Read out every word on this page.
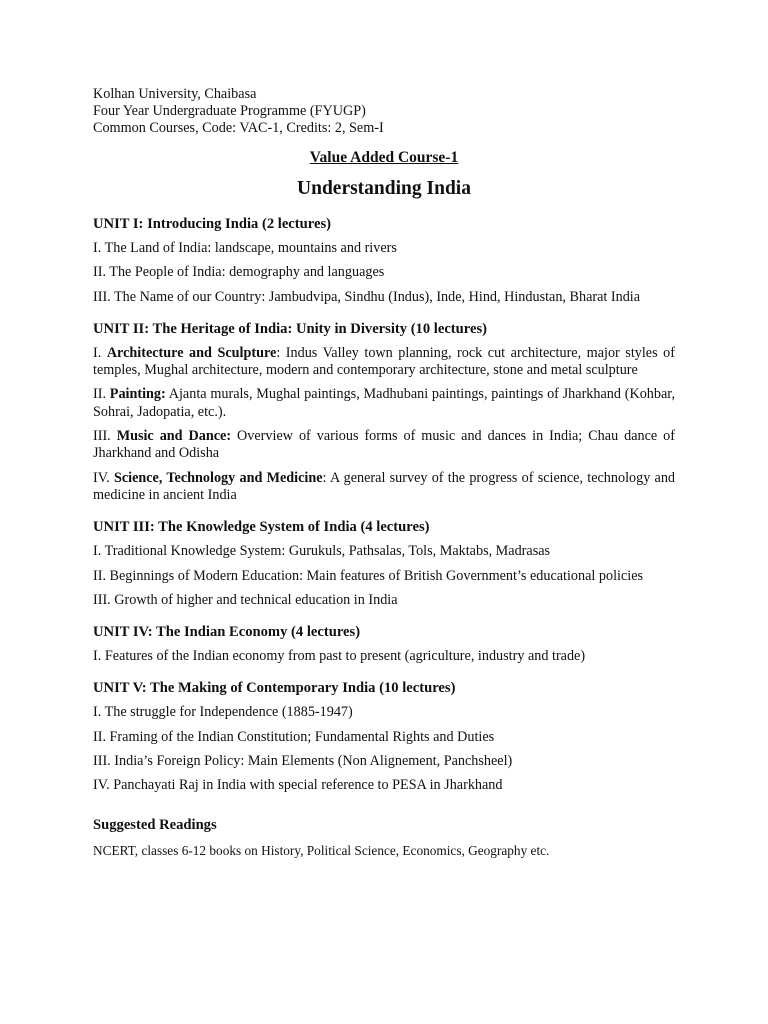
Kolhan University, Chaibasa

Four Year Undergraduate Programme (FYUGP)

Common Courses, Code: VAC-1, Credits: 2, Sem-I

Value Added Course-1

Understanding India
UNIT I: Introducing India (2 lectures)

I. The Land of India: landscape, mountains and rivers

II. The People of India: demography and languages

III. The Name of our Country: Jambudvipa, Sindhu (Indus), Inde, Hind, Hindustan, Bharat India

UNIT II: The Heritage of India: Unity in Diversity (10 lectures)

I. Architecture and Sculpture: Indus Valley town planning, rock cut architecture, major styles of temples, Mughal architecture, modern and contemporary architecture, stone and metal sculpture

II. Painting: Ajanta murals, Mughal paintings, Madhubani paintings, paintings of Jharkhand (Kohbar, Sohrai, Jadopatia, etc.).

III. Music and Dance: Overview of various forms of music and dances in India; Chau dance of Jharkhand and Odisha

IV. Science, Technology and Medicine: A general survey of the progress of science, technology and medicine in ancient India

UNIT III: The Knowledge System of India (4 lectures)

I. Traditional Knowledge System: Gurukuls, Pathsalas, Tols, Maktabs, Madrasas

II. Beginnings of Modern Education: Main features of British Government’s educational policies

III. Growth of higher and technical education in India

UNIT IV: The Indian Economy (4 lectures)

I. Features of the Indian economy from past to present (agriculture, industry and trade)

UNIT V: The Making of Contemporary India (10 lectures)

I. The struggle for Independence (1885-1947)

II. Framing of the Indian Constitution; Fundamental Rights and Duties

III. India’s Foreign Policy: Main Elements (Non Alignement, Panchsheel)

IV. Panchayati Raj in India with special reference to PESA in Jharkhand

Suggested Readings

NCERT, classes 6-12 books on History, Political Science, Economics, Geography etc.
